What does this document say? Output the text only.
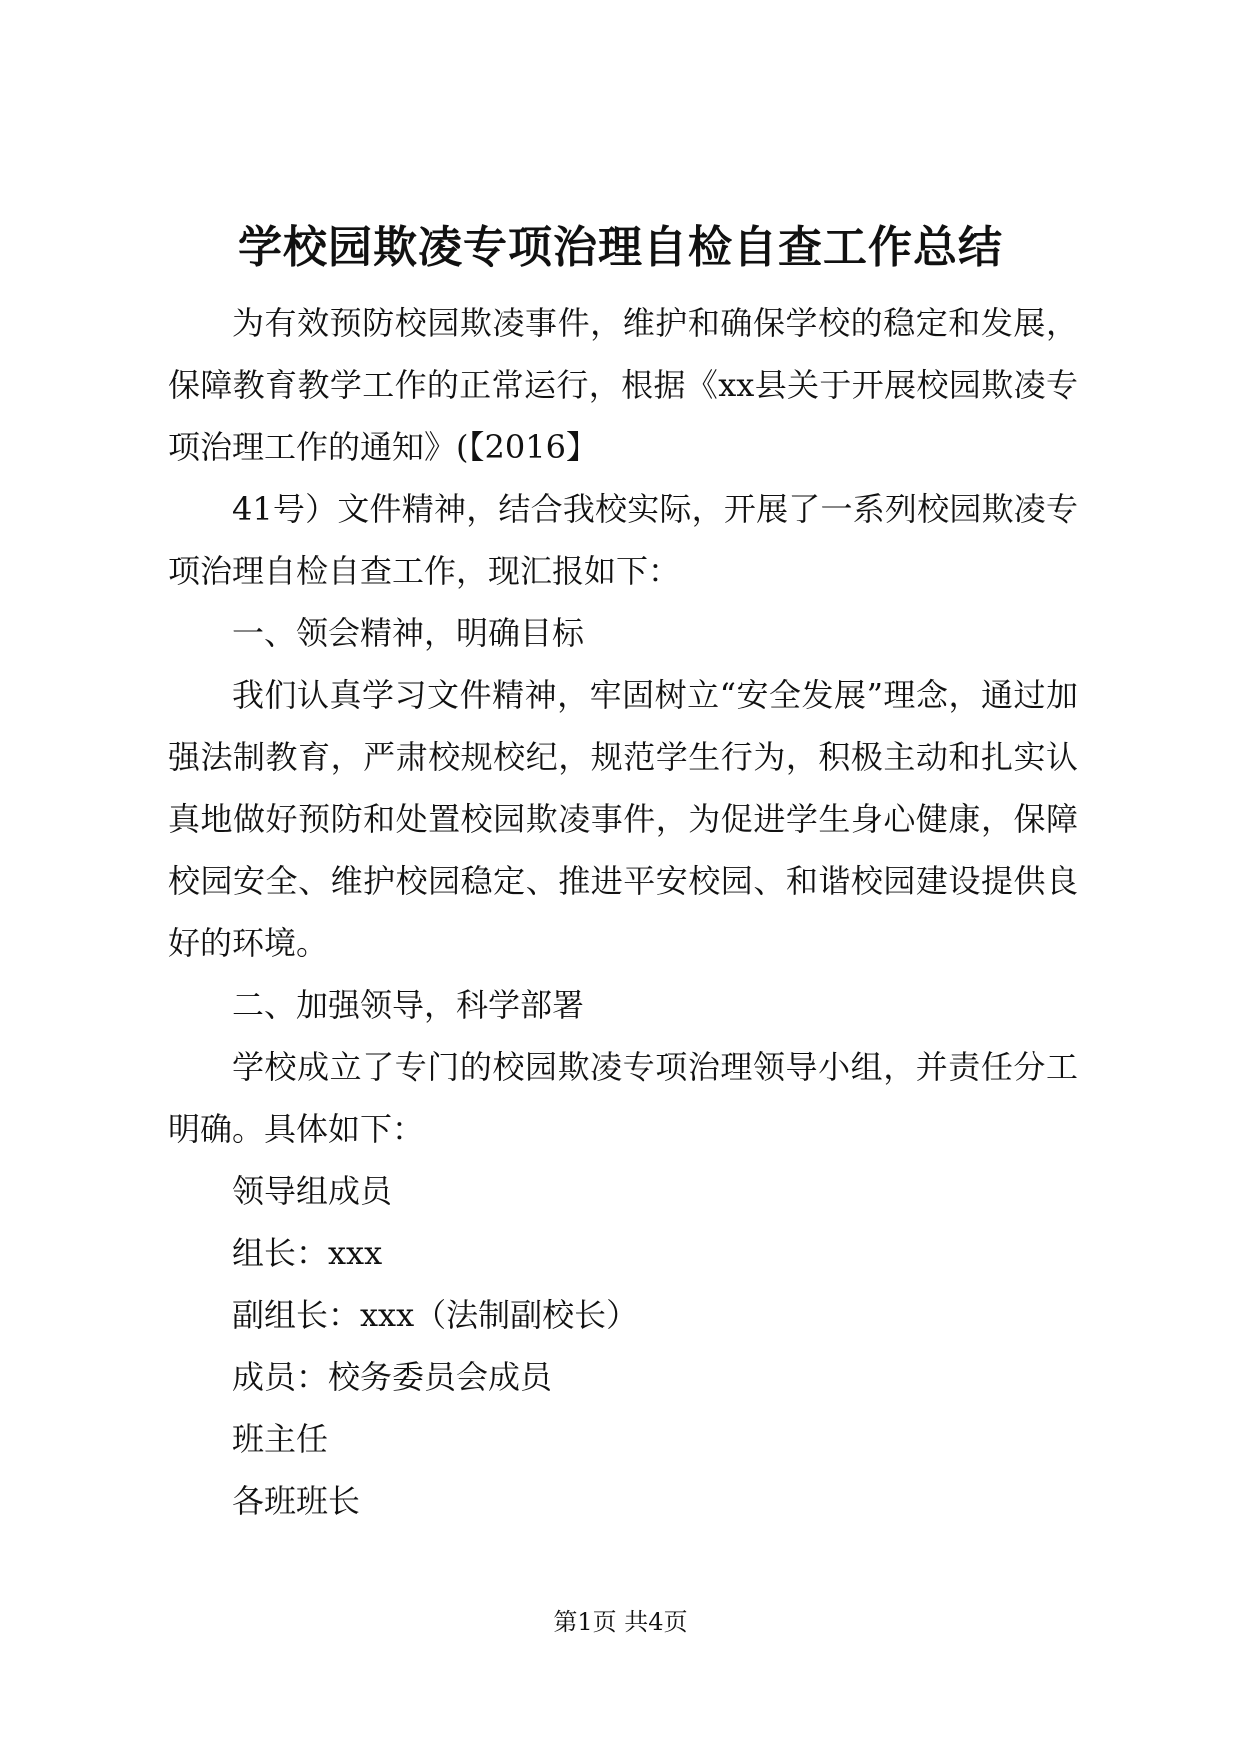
学校园欺凌专项治理自检自查工作总结

为有效预防校园欺凌事件，维护和确保学校的稳定和发展，保障教育教学工作的正常运行，根据《xx县关于开展校园欺凌专项治理工作的通知》(【2016】

41号）文件精神，结合我校实际，开展了一系列校园欺凌专项治理自检自查工作，现汇报如下：

一、领会精神，明确目标

我们认真学习文件精神，牢固树立“安全发展”理念，通过加强法制教育，严肃校规校纪，规范学生行为，积极主动和扎实认真地做好预防和处置校园欺凌事件，为促进学生身心健康，保障校园安全、维护校园稳定、推进平安校园、和谐校园建设提供良好的环境。

二、加强领导，科学部署

学校成立了专门的校园欺凌专项治理领导小组，并责任分工明确。具体如下：

领导组成员

组长：xxx

副组长：xxx（法制副校长）

成员：校务委员会成员

班主任

各班班长

第1页 共4页
